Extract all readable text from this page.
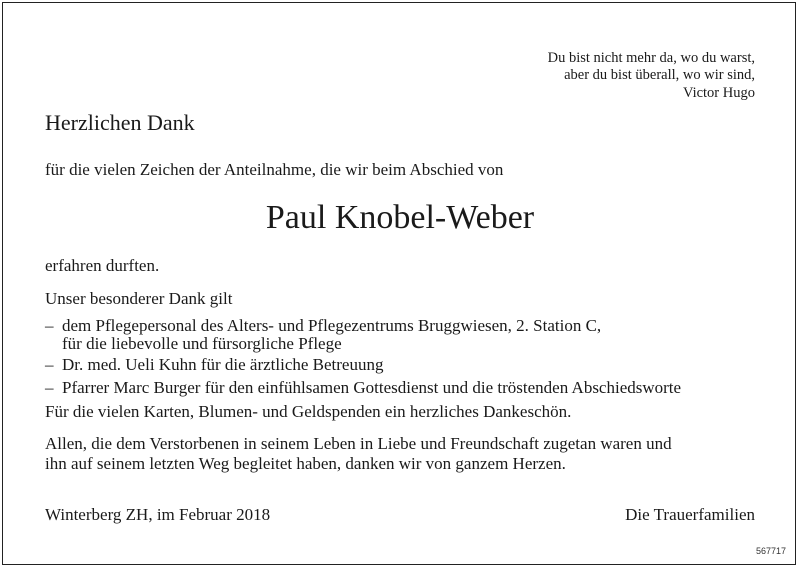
Du bist nicht mehr da, wo du warst,
aber du bist überall, wo wir sind,
Victor Hugo
Herzlichen Dank
für die vielen Zeichen der Anteilnahme, die wir beim Abschied von
Paul Knobel-Weber
erfahren durften.
Unser besonderer Dank gilt
– dem Pflegepersonal des Alters- und Pflegezentrums Bruggwiesen, 2. Station C,
für die liebevolle und fürsorgliche Pflege
– Dr. med. Ueli Kuhn für die ärztliche Betreuung
– Pfarrer Marc Burger für den einfühlsamen Gottesdienst und die tröstenden Abschiedsworte
Für die vielen Karten, Blumen- und Geldspenden ein herzliches Dankeschön.
Allen, die dem Verstorbenen in seinem Leben in Liebe und Freundschaft zugetan waren und
ihn auf seinem letzten Weg begleitet haben, danken wir von ganzem Herzen.
Winterberg ZH, im Februar 2018	Die Trauerfamilien
567717
